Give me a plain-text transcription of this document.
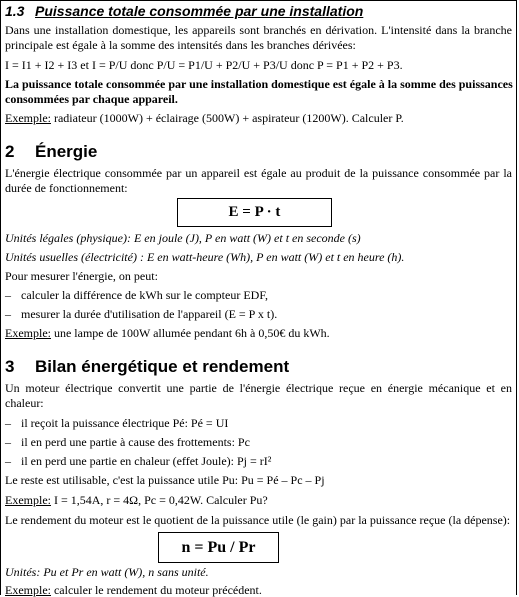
1.3 Puissance totale consommée par une installation
Dans une installation domestique, les appareils sont branchés en dérivation. L'intensité dans la branche
principale est égale à la somme des intensités dans les branches dérivées:
I = I1 + I2 + I3 et I = P/U donc P/U = P1/U + P2/U + P3/U donc P = P1 + P2 + P3.
La puissance totale consommée par une installation domestique est égale à la somme des puissances
consommées par chaque appareil.
Exemple: radiateur (1000W) + éclairage (500W) + aspirateur (1200W). Calculer P.
2 Énergie
L'énergie électrique consommée par un appareil est égale au produit de la puissance consommée par la
durée de fonctionnement:
E = P · t
Unités légales (physique): E en joule (J), P en watt (W) et t en seconde (s)
Unités usuelles (électricité) : E en watt-heure (Wh), P en watt (W) et t en heure (h).
Pour mesurer l'énergie, on peut:
– calculer la différence de kWh sur le compteur EDF,
– mesurer la durée d'utilisation de l'appareil (E = P x t).
Exemple: une lampe de 100W allumée pendant 6h à 0,50€ du kWh.
3 Bilan énergétique et rendement
Un moteur électrique convertit une partie de l'énergie électrique reçue en énergie mécanique et en
chaleur:
– il reçoit la puissance électrique Pé: Pé = UI
– il en perd une partie à cause des frottements: Pc
– il en perd une partie en chaleur (effet Joule): Pj = rI²
Le reste est utilisable, c'est la puissance utile Pu: Pu = Pé – Pc – Pj
Exemple: I = 1,54A, r = 4Ω, Pc = 0,42W. Calculer Pu?
Le rendement du moteur est le quotient de la puissance utile (le gain) par la puissance reçue (la dépense):
n = Pu / Pr
Unités: Pu et Pr en watt (W), n sans unité.
Exemple: calculer le rendement du moteur précédent.
